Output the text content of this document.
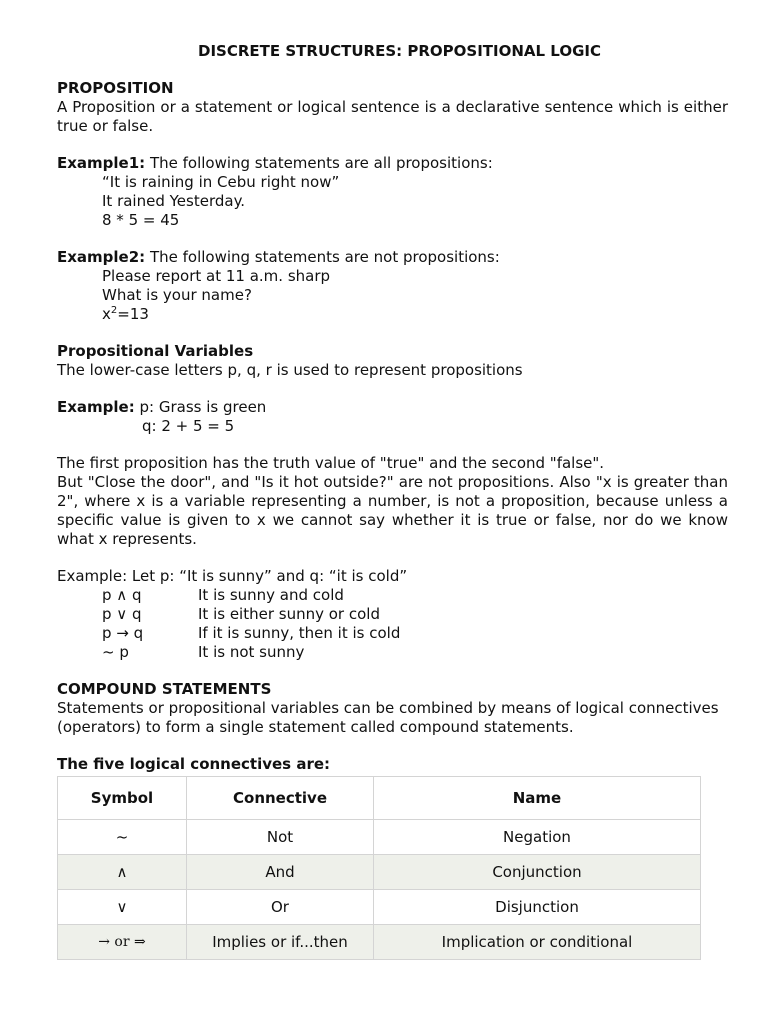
DISCRETE STRUCTURES: PROPOSITIONAL LOGIC

PROPOSITION

A Proposition or a statement or logical sentence is a declarative sentence which is either true or false.

Example1: The following statements are all propositions:

“It is raining in Cebu right now”

It rained Yesterday.

8 * 5 = 45

Example2: The following statements are not propositions:

Please report at 11 a.m. sharp

What is your name?

$x^2=13$

Propositional Variables

The lower-case letters p, q, r is used to represent propositions

Example: p: Grass is green

q: 2 + 5 = 5

The first proposition has the truth value of "true" and the second "false".

But "Close the door", and "Is it hot outside?" are not propositions. Also "x is greater than 2", where x is a variable representing a number, is not a proposition, because unless a specific value is given to x we cannot say whether it is true or false, nor do we know what x represents.

Example: Let p: “It is sunny” and q: “it is cold”

p ∧ q	It is sunny and cold
p ∨ q	It is either sunny or cold
p → q	If it is sunny, then it is cold
~ p	It is not sunny

COMPOUND STATEMENTS

Statements or propositional variables can be combined by means of logical connectives (operators) to form a single statement called compound statements.

The five logical connectives are:

Symbol	Connective	Name
~	Not	Negation
∧	And	Conjunction
∨	Or	Disjunction
→ or ⇒	Implies or if...then	Implication or conditional
